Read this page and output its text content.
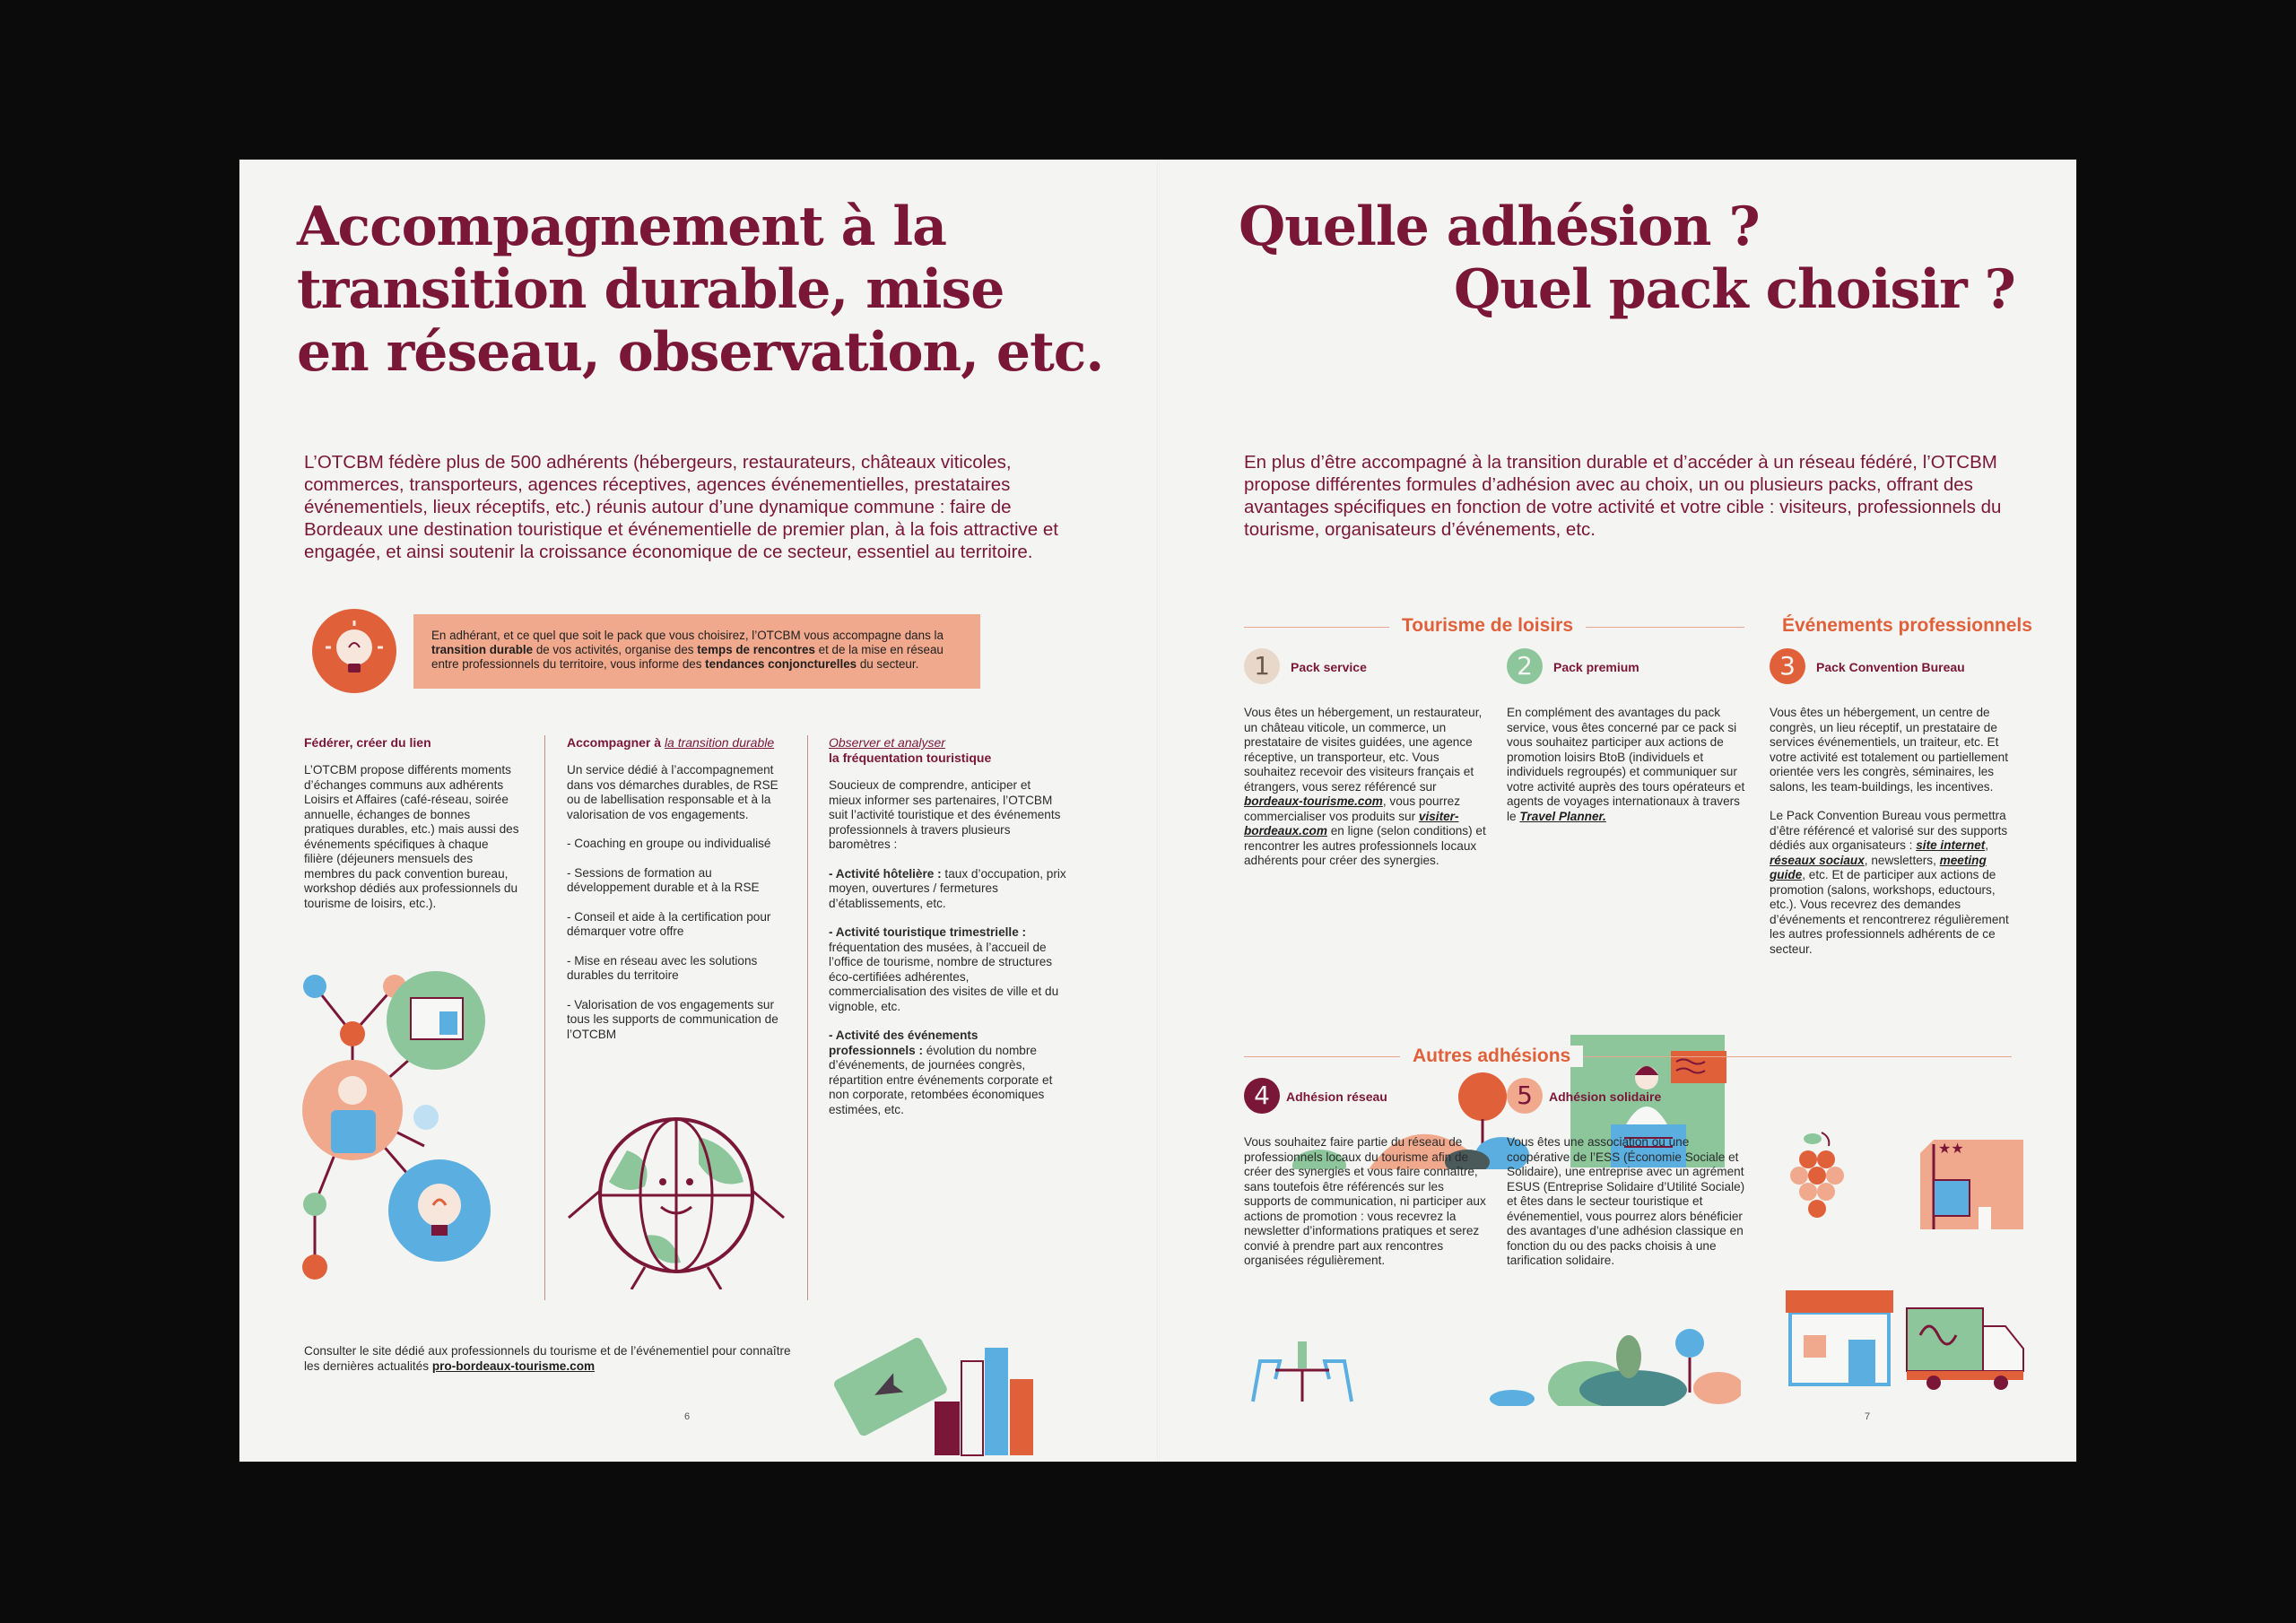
Accompagnement à la
transition durable, mise
en réseau, observation, etc.

L’OTCBM fédère plus de 500 adhérents (hébergeurs, restaurateurs, châteaux viticoles, commerces, transporteurs, agences réceptives, agences événementielles, prestataires événementiels, lieux réceptifs, etc.) réunis autour d’une dynamique commune : faire de Bordeaux une destination touristique et événementielle de premier plan, à la fois attractive et engagée, et ainsi soutenir la croissance économique de ce secteur, essentiel au territoire.

En adhérant, et ce quel que soit le pack que vous choisirez, l’OTCBM vous accompagne dans la transition durable de vos activités, organise des temps de rencontres et de la mise en réseau entre professionnels du territoire, vous informe des tendances conjoncturelles du secteur.

Fédérer, créer du lien

L’OTCBM propose différents moments d’échanges communs aux adhérents Loisirs et Affaires (café-réseau, soirée annuelle, échanges de bonnes pratiques durables, etc.) mais aussi des événements spécifiques à chaque filière (déjeuners mensuels des membres du pack convention bureau, workshop dédiés aux professionnels du tourisme de loisirs, etc.).

Accompagner à la transition durable

Un service dédié à l’accompagnement dans vos démarches durables, de RSE ou de labellisation responsable et à la valorisation de vos engagements.

- Coaching en groupe ou individualisé

- Sessions de formation au développement durable et à la RSE

- Conseil et aide à la certification pour démarquer votre offre

- Mise en réseau avec les solutions durables du territoire

- Valorisation de vos engagements sur tous les supports de communication de l’OTCBM

Observer et analyser
la fréquentation touristique

Soucieux de comprendre, anticiper et mieux informer ses partenaires, l’OTCBM suit l’activité touristique et des événements professionnels à travers plusieurs baromètres :

- Activité hôtelière : taux d’occupation, prix moyen, ouvertures / fermetures d’établissements, etc.

- Activité touristique trimestrielle : fréquentation des musées, à l’accueil de l’office de tourisme, nombre de structures éco-certifiées adhérentes, commercialisation des visites de ville et du vignoble, etc.

- Activité des événements professionnels : évolution du nombre d’événements, de journées congrès, répartition entre événements corporate et non corporate, retombées économiques estimées, etc.

Consulter le site dédié aux professionnels du tourisme et de l’événementiel pour connaître les dernières actualités pro-bordeaux-tourisme.com

6
Quelle adhésion ?
Quel pack choisir ?

En plus d’être accompagné à la transition durable et d’accéder à un réseau fédéré, l’OTCBM propose différentes formules d’adhésion avec au choix, un ou plusieurs packs, offrant des avantages spécifiques en fonction de votre activité et votre cible : visiteurs, professionnels du tourisme, organisateurs d’événements, etc.

Tourisme de loisirs	Événements professionnels
1	Pack service

Vous êtes un hébergement, un restaurateur, un château viticole, un commerce, un prestataire de visites guidées, une agence réceptive, un transporteur, etc. Vous souhaitez recevoir des visiteurs français et étrangers, vous serez référencé sur bordeaux-tourisme.com, vous pourrez commercialiser vos produits sur visiter-bordeaux.com en ligne (selon conditions) et rencontrer les autres professionnels locaux adhérents pour créer des synergies.

2	Pack premium

En complément des avantages du pack service, vous êtes concerné par ce pack si vous souhaitez participer aux actions de promotion loisirs BtoB (individuels et individuels regroupés) et communiquer sur votre activité auprès des tours opérateurs et agents de voyages internationaux à travers le Travel Planner.

3	Pack Convention Bureau

Vous êtes un hébergement, un centre de congrès, un lieu réceptif, un prestataire de services événementiels, un traiteur, etc. Et votre activité est totalement ou partiellement orientée vers les congrès, séminaires, les salons, les team-buildings, les incentives.

Le Pack Convention Bureau vous permettra d’être référencé et valorisé sur des supports dédiés aux organisateurs : site internet, réseaux sociaux, newsletters, meeting guide, etc. Et de participer aux actions de promotion (salons, workshops, eductours, etc.). Vous recevrez des demandes d’événements et rencontrerez régulièrement les autres professionnels adhérents de ce secteur.

Autres adhésions
4	Adhésion réseau

Vous souhaitez faire partie du réseau de professionnels locaux du tourisme afin de créer des synergies et vous faire connaître, sans toutefois être référencés sur les supports de communication, ni participer aux actions de promotion : vous recevrez la newsletter d’informations pratiques et serez convié à prendre part aux rencontres organisées régulièrement.

5	Adhésion solidaire

Vous êtes une association ou une coopérative de l’ESS (Économie Sociale et Solidaire), une entreprise avec un agrément ESUS (Entreprise Solidaire d’Utilité Sociale) et êtes dans le secteur touristique et événementiel, vous pourrez alors bénéficier des avantages d’une adhésion classique en fonction du ou des packs choisis à une tarification solidaire.

★★
7
